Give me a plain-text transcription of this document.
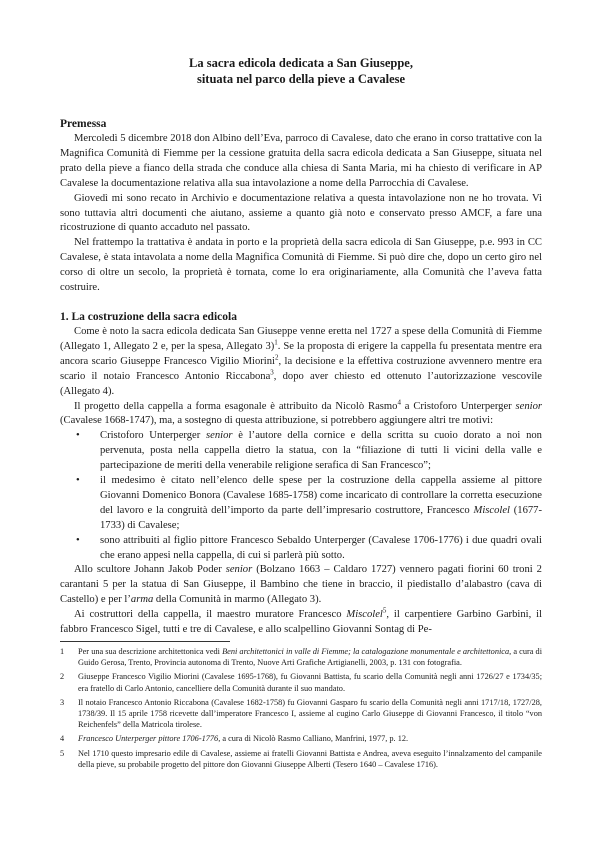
La sacra edicola dedicata a San Giuseppe,
situata nel parco della pieve a Cavalese
Premessa

Mercoledì 5 dicembre 2018 don Albino dell’Eva, parroco di Cavalese, dato che erano in corso trattative con la Magnifica Comunità di Fiemme per la cessione gratuita della sacra edicola dedicata a San Giuseppe, situata nel prato della pieve a fianco della strada che conduce alla chiesa di Santa Maria, mi ha chiesto di verificare in AP Cavalese la documentazione relativa alla sua intavolazione a nome della Parrocchia di Cavalese.

Giovedì mi sono recato in Archivio e documentazione relativa a questa intavolazione non ne ho trovata. Vi sono tuttavia altri documenti che aiutano, assieme a quanto già noto e conservato presso AMCF, a fare una ricostruzione di quanto accaduto nel passato.

Nel frattempo la trattativa è andata in porto e la proprietà della sacra edicola di San Giuseppe, p.e. 993 in CC Cavalese, è stata intavolata a nome della Magnifica Comunità di Fiemme. Si può dire che, dopo un certo giro nel corso di oltre un secolo, la proprietà è tornata, come lo era originariamente, alla Comunità che l’aveva fatta costruire.

1. La costruzione della sacra edicola

Come è noto la sacra edicola dedicata San Giuseppe venne eretta nel 1727 a spese della Comunità di Fiemme (Allegato 1, Allegato 2 e, per la spesa, Allegato 3)$^1$. Se la proposta di erigere la cappella fu presentata mentre era ancora scario Giuseppe Francesco Vigilio Miorini$^2$, la decisione e la effettiva costruzione avvennero mentre era scario il notaio Francesco Antonio Riccabona$^3$, dopo aver chiesto ed ottenuto l’autorizzazione vescovile (Allegato 4).

Il progetto della cappella a forma esagonale è attribuito da Nicolò Rasmo$^4$ a Cristoforo Unterperger senior (Cavalese 1668-1747), ma, a sostegno di questa attribuzione, si potrebbero aggiungere altri tre motivi:

• Cristoforo Unterperger senior è l’autore della cornice e della scritta su cuoio dorato a noi non pervenuta, posta nella cappella dietro la statua, con la “filiazione di tutti li vicini della valle e partecipazione de meriti della venerabile religione serafica di San Francesco”;
• il medesimo è citato nell’elenco delle spese per la costruzione della cappella assieme al pittore Giovanni Domenico Bonora (Cavalese 1685-1758) come incaricato di controllare la corretta esecuzione del lavoro e la congruità dell’importo da parte dell’impresario costruttore, Francesco Miscolel (1677-1733) di Cavalese;
• sono attribuiti al figlio pittore Francesco Sebaldo Unterperger (Cavalese 1706-1776) i due quadri ovali che erano appesi nella cappella, di cui si parlerà più sotto.

Allo scultore Johann Jakob Poder senior (Bolzano 1663 – Caldaro 1727) vennero pagati fiorini 60 troni 2 carantani 5 per la statua di San Giuseppe, il Bambino che tiene in braccio, il piedistallo d’alabastro (cava di Castello) e per l’arma della Comunità in marmo (Allegato 3).

Ai costruttori della cappella, il maestro muratore Francesco Miscolel$^5$, il carpentiere Garbino Garbini, il fabbro Francesco Sigel, tutti e tre di Cavalese, e allo scalpellino Giovanni Sontag di Pe-

1 Per una sua descrizione architettonica vedi Beni architettonici in valle di Fiemme; la catalogazione monumentale e architettonica, a cura di Guido Gerosa, Trento, Provincia autonoma di Trento, Nuove Arti Grafiche Artigianelli, 2003, p. 131 con fotografia.
2 Giuseppe Francesco Vigilio Miorini (Cavalese 1695-1768), fu Giovanni Battista, fu scario della Comunità negli anni 1726/27 e 1734/35; era fratello di Carlo Antonio, cancelliere della Comunità durante il suo mandato.
3 Il notaio Francesco Antonio Riccabona (Cavalese 1682-1758) fu Giovanni Gasparo fu scario della Comunità negli anni 1717/18, 1727/28, 1738/39. Il 15 aprile 1758 ricevette dall’imperatore Francesco I, assieme al cugino Carlo Giuseppe di Giovanni Francesco, il titolo “von Reichenfels” della Matricola tirolese.
4 Francesco Unterperger pittore 1706-1776, a cura di Nicolò Rasmo Calliano, Manfrini, 1977, p. 12.
5 Nel 1710 questo impresario edile di Cavalese, assieme ai fratelli Giovanni Battista e Andrea, aveva eseguito l’innalzamento del campanile della pieve, su probabile progetto del pittore don Giovanni Giuseppe Alberti (Tesero 1640 – Cavalese 1716).
